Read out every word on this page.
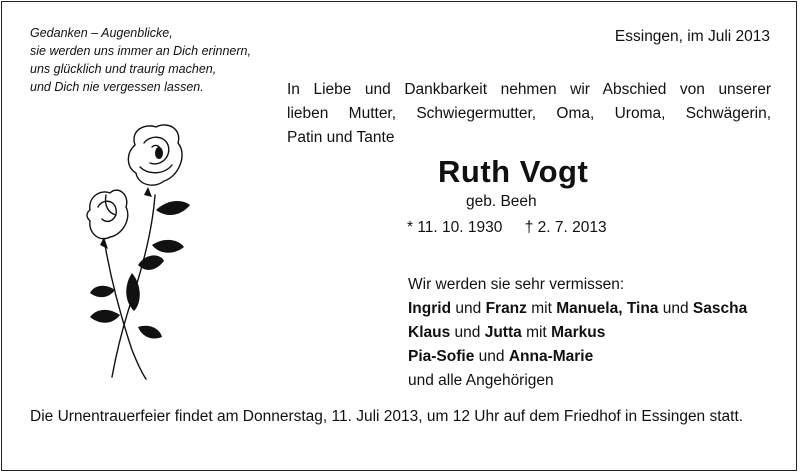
Gedanken – Augenblicke,
sie werden uns immer an Dich erinnern,
uns glücklich und traurig machen,
und Dich nie vergessen lassen.
Essingen, im Juli 2013
In Liebe und Dankbarkeit nehmen wir Abschied von unserer
lieben Mutter, Schwiegermutter, Oma, Uroma, Schwägerin,
Patin und Tante
Ruth Vogt
geb. Beeh
* 11. 10. 1930 † 2. 7. 2013
Wir werden sie sehr vermissen:
Ingrid und Franz mit Manuela, Tina und Sascha
Klaus und Jutta mit Markus
Pia-Sofie und Anna-Marie
und alle Angehörigen
Die Urnentrauerfeier findet am Donnerstag, 11. Juli 2013, um 12 Uhr auf dem Friedhof in Essingen statt.
